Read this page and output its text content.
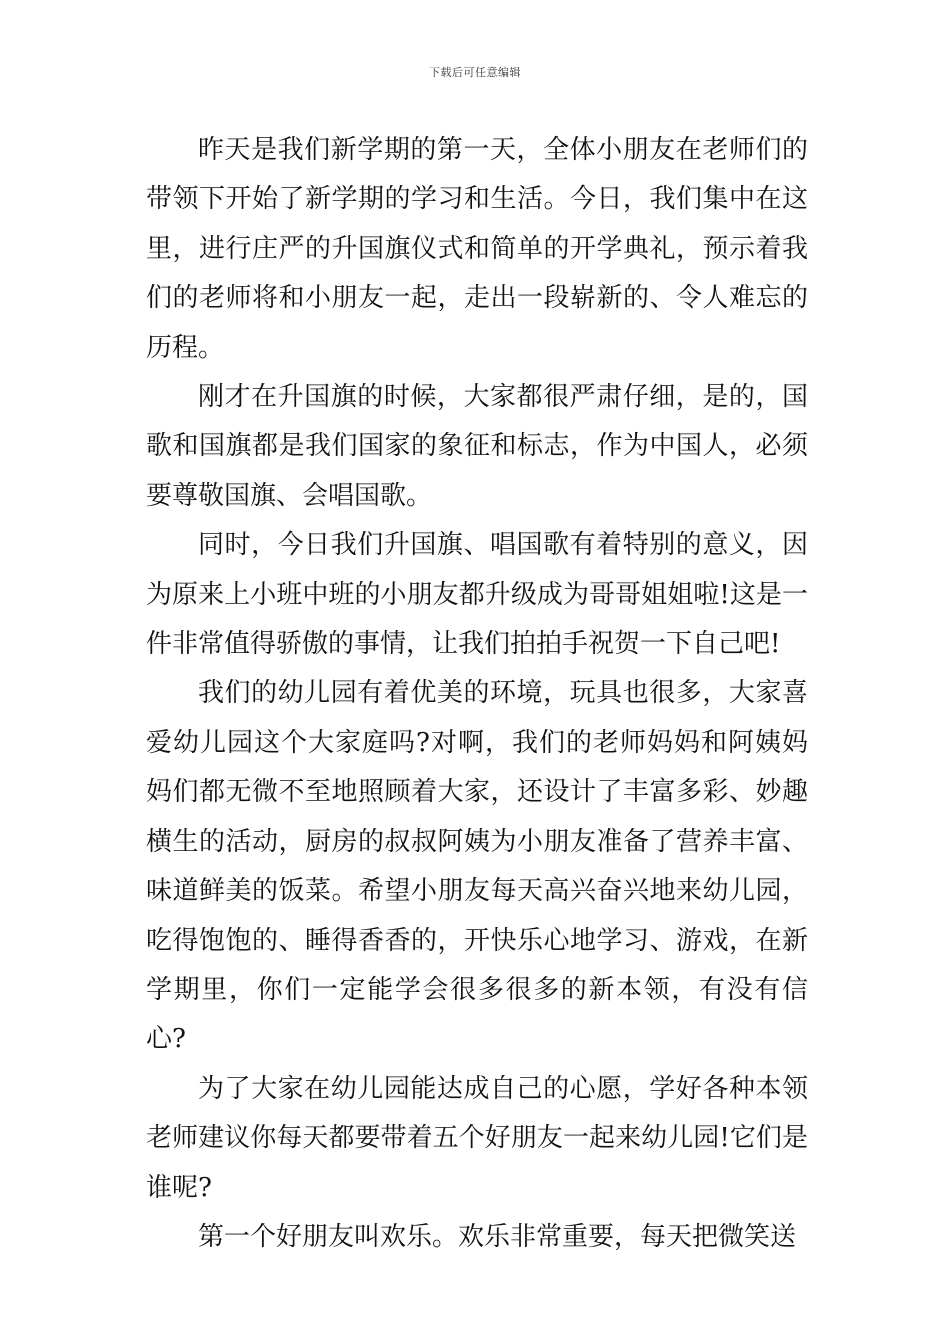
下载后可任意编辑

昨天是我们新学期的第一天，全体小朋友在老师们的带领下开始了新学期的学习和生活。今日，我们集中在这里，进行庄严的升国旗仪式和简单的开学典礼，预示着我们的老师将和小朋友一起，走出一段崭新的、令人难忘的历程。

刚才在升国旗的时候，大家都很严肃仔细，是的，国歌和国旗都是我们国家的象征和标志，作为中国人，必须要尊敬国旗、会唱国歌。

同时，今日我们升国旗、唱国歌有着特别的意义，因为原来上小班中班的小朋友都升级成为哥哥姐姐啦!这是一件非常值得骄傲的事情，让我们拍拍手祝贺一下自己吧!

我们的幼儿园有着优美的环境，玩具也很多，大家喜爱幼儿园这个大家庭吗?对啊，我们的老师妈妈和阿姨妈妈们都无微不至地照顾着大家，还设计了丰富多彩、妙趣横生的活动，厨房的叔叔阿姨为小朋友准备了营养丰富、味道鲜美的饭菜。希望小朋友每天高兴奋兴地来幼儿园，吃得饱饱的、睡得香香的，开快乐心地学习、游戏，在新学期里，你们一定能学会很多很多的新本领，有没有信心?

为了大家在幼儿园能达成自己的心愿，学好各种本领老师建议你每天都要带着五个好朋友一起来幼儿园!它们是谁呢?

第一个好朋友叫欢乐。欢乐非常重要，每天把微笑送
